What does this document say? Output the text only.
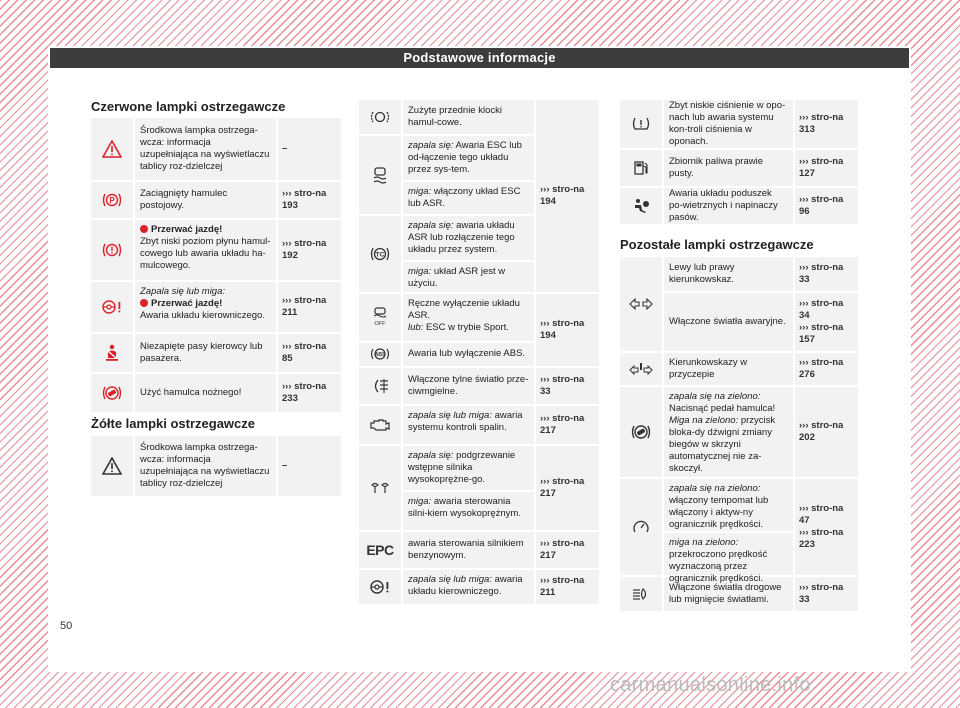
Podstawowe informacje
Czerwone lampki ostrzegawcze
Środkowa lampka ostrzega-wcza: informacja uzupełniająca na wyświetlaczu tablicy roz-dzielczej
–
P
Zaciągnięty hamulec postojowy.
››› stro-na 193
Przerwać jazdę!
Zbyt niski poziom płynu hamul-cowego lub awaria układu ha-mulcowego.
››› stro-na 192
Zapala się lub miga:
Przerwać jazdę!
Awaria układu kierowniczego.
››› stro-na 211
Niezapięte pasy kierowcy lub pasażera.
››› stro-na 85
Użyć hamulca nożnego!
››› stro-na 233
Żółte lampki ostrzegawcze
Środkowa lampka ostrzega-wcza: informacja uzupełniająca na wyświetlaczu tablicy roz-dzielczej
–
Zużyte przednie klocki hamul-cowe.
zapala się: Awaria ESC lub od-łączenie tego układu przez sys-tem.
miga: włączony układ ESC lub ASR.
TC
zapala się: awaria układu ASR lub rozłączenie tego układu przez system.
miga: układ ASR jest w użyciu.
››› stro-na 194
OFF
Ręczne wyłączenie układu ASR.
lub: ESC w trybie Sport.
ABS	Awaria lub wyłączenie ABS.
››› stro-na 194
Włączone tylne światło prze-ciwmgielne.
››› stro-na 33
zapala się lub miga: awaria systemu kontroli spalin.
››› stro-na 217
zapala się: podgrzewanie wstępne silnika wysokoprężne-go.
miga: awaria sterowania silni-kiem wysokoprężnym.
››› stro-na 217
EPC	awaria sterowania silnikiem benzynowym.
››› stro-na 217
zapala się lub miga: awaria układu kierowniczego.
››› stro-na 211
Zbyt niskie ciśnienie w opo-nach lub awaria systemu kon-troli ciśnienia w oponach.
››› stro-na 313
Zbiornik paliwa prawie pusty.
››› stro-na 127
Awaria układu poduszek po-wietrznych i napinaczy pasów.
››› stro-na 96
Pozostałe lampki ostrzegawcze
Lewy lub prawy kierunkowskaz.
››› stro-na 33
Włączone światła awaryjne.
››› stro-na 34
››› stro-na 157
Kierunkowskazy w przyczepie
››› stro-na 276
zapala się na zielono: Nacisnąć pedał hamulca!
Miga na zielono: przycisk bloka-dy dźwigni zmiany biegów w skrzyni automatycznej nie za-skoczył.
››› stro-na 202
zapala się na zielono: włączony tempomat lub włączony i aktyw-ny ogranicznik prędkości.
miga na zielono: przekroczono prędkość wyznaczoną przez ogranicznik prędkości.
››› stro-na 47
››› stro-na 223
Włączone światła drogowe lub mignięcie światłami.
››› stro-na 33
50
carmanualsonline.info
